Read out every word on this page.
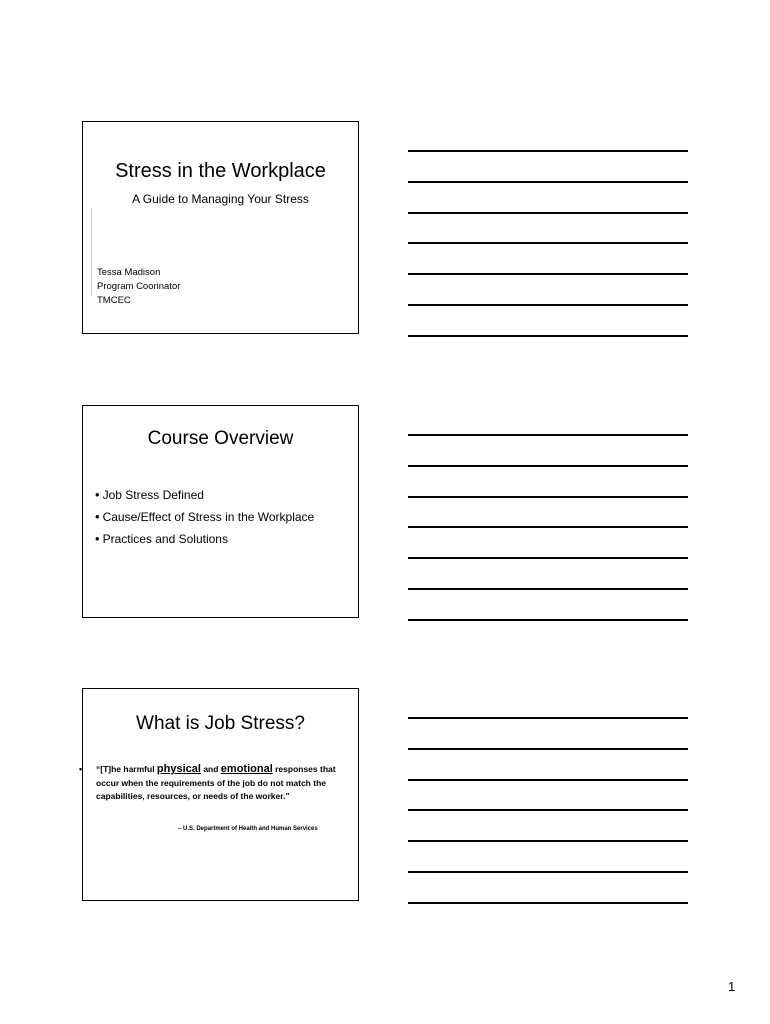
Stress in the Workplace
A Guide to Managing Your Stress
Tessa Madison
Program Coorinator
TMCEC
Course Overview
• Job Stress Defined
• Cause/Effect of Stress in the Workplace
• Practices and Solutions
What is Job Stress?
• “[T]he harmful physical and emotional responses that occur when the requirements of the job do not match the capabilities, resources, or needs of the worker.”
– U.S. Department of Health and Human Services
1
